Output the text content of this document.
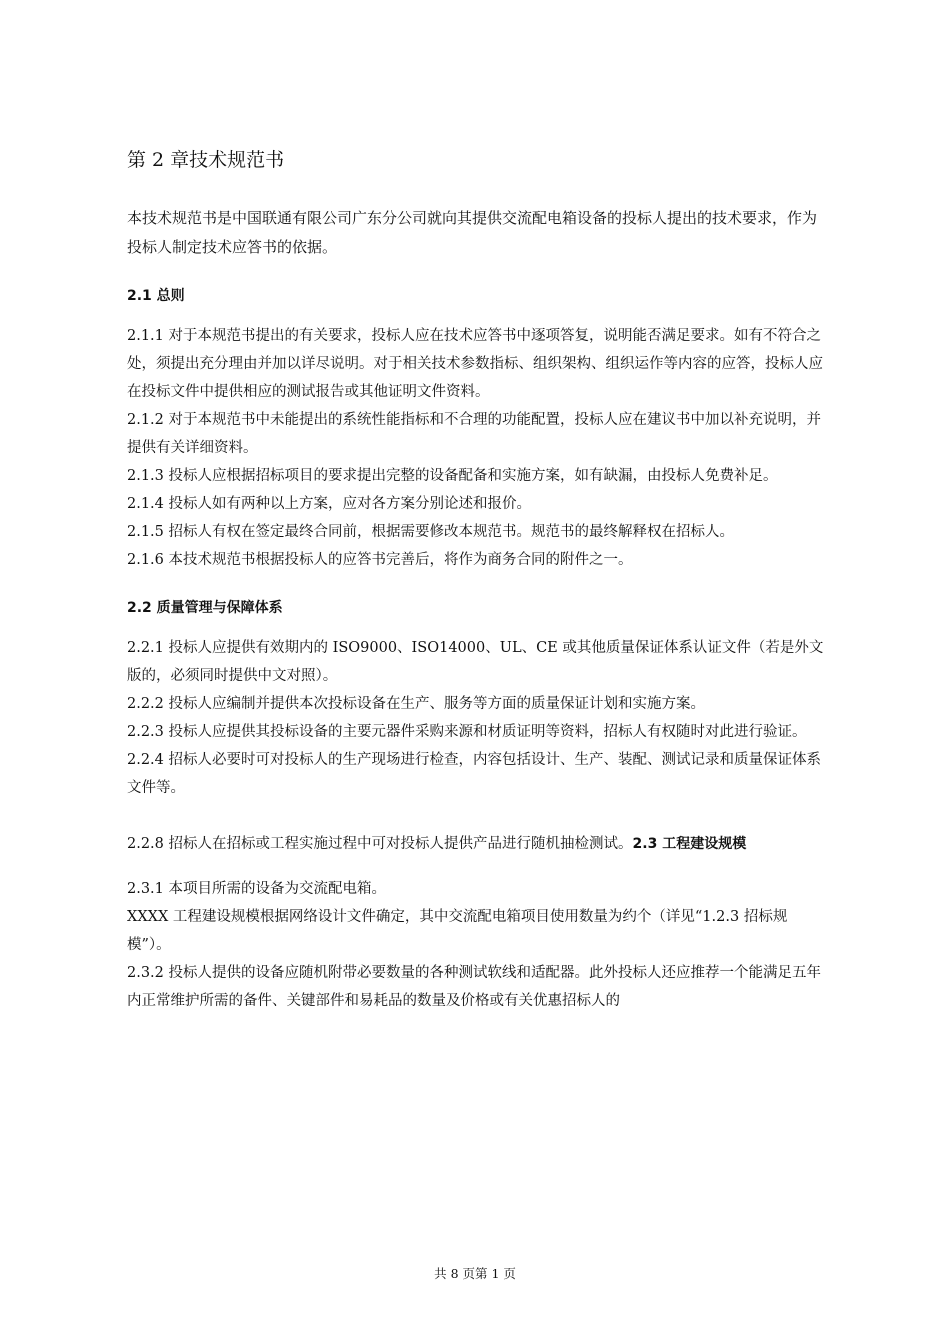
第 2 章技术规范书

本技术规范书是中国联通有限公司广东分公司就向其提供交流配电箱设备的投标人提出的技术要求，作为投标人制定技术应答书的依据。

2.1 总则

2.1.1 对于本规范书提出的有关要求，投标人应在技术应答书中逐项答复，说明能否满足要求。如有不符合之处，须提出充分理由并加以详尽说明。对于相关技术参数指标、组织架构、组织运作等内容的应答，投标人应在投标文件中提供相应的测试报告或其他证明文件资料。

2.1.2 对于本规范书中未能提出的系统性能指标和不合理的功能配置，投标人应在建议书中加以补充说明，并提供有关详细资料。

2.1.3 投标人应根据招标项目的要求提出完整的设备配备和实施方案，如有缺漏，由投标人免费补足。

2.1.4 投标人如有两种以上方案，应对各方案分别论述和报价。

2.1.5 招标人有权在签定最终合同前，根据需要修改本规范书。规范书的最终解释权在招标人。

2.1.6 本技术规范书根据投标人的应答书完善后，将作为商务合同的附件之一。

2.2 质量管理与保障体系

2.2.1 投标人应提供有效期内的 ISO9000、ISO14000、UL、CE 或其他质量保证体系认证文件（若是外文版的，必须同时提供中文对照）。

2.2.2 投标人应编制并提供本次投标设备在生产、服务等方面的质量保证计划和实施方案。

2.2.3 投标人应提供其投标设备的主要元器件采购来源和材质证明等资料，招标人有权随时对此进行验证。

2.2.4 招标人必要时可对投标人的生产现场进行检查，内容包括设计、生产、装配、测试记录和质量保证体系文件等。

2.2.8 招标人在招标或工程实施过程中可对投标人提供产品进行随机抽检测试。2.3 工程建设规模

2.3.1 本项目所需的设备为交流配电箱。

XXXX 工程建设规模根据网络设计文件确定，其中交流配电箱项目使用数量为约个（详见“1.2.3 招标规模”）。

2.3.2 投标人提供的设备应随机附带必要数量的各种测试软线和适配器。此外投标人还应推荐一个能满足五年内正常维护所需的备件、关键部件和易耗品的数量及价格或有关优惠招标人的

共 8 页第 1 页
